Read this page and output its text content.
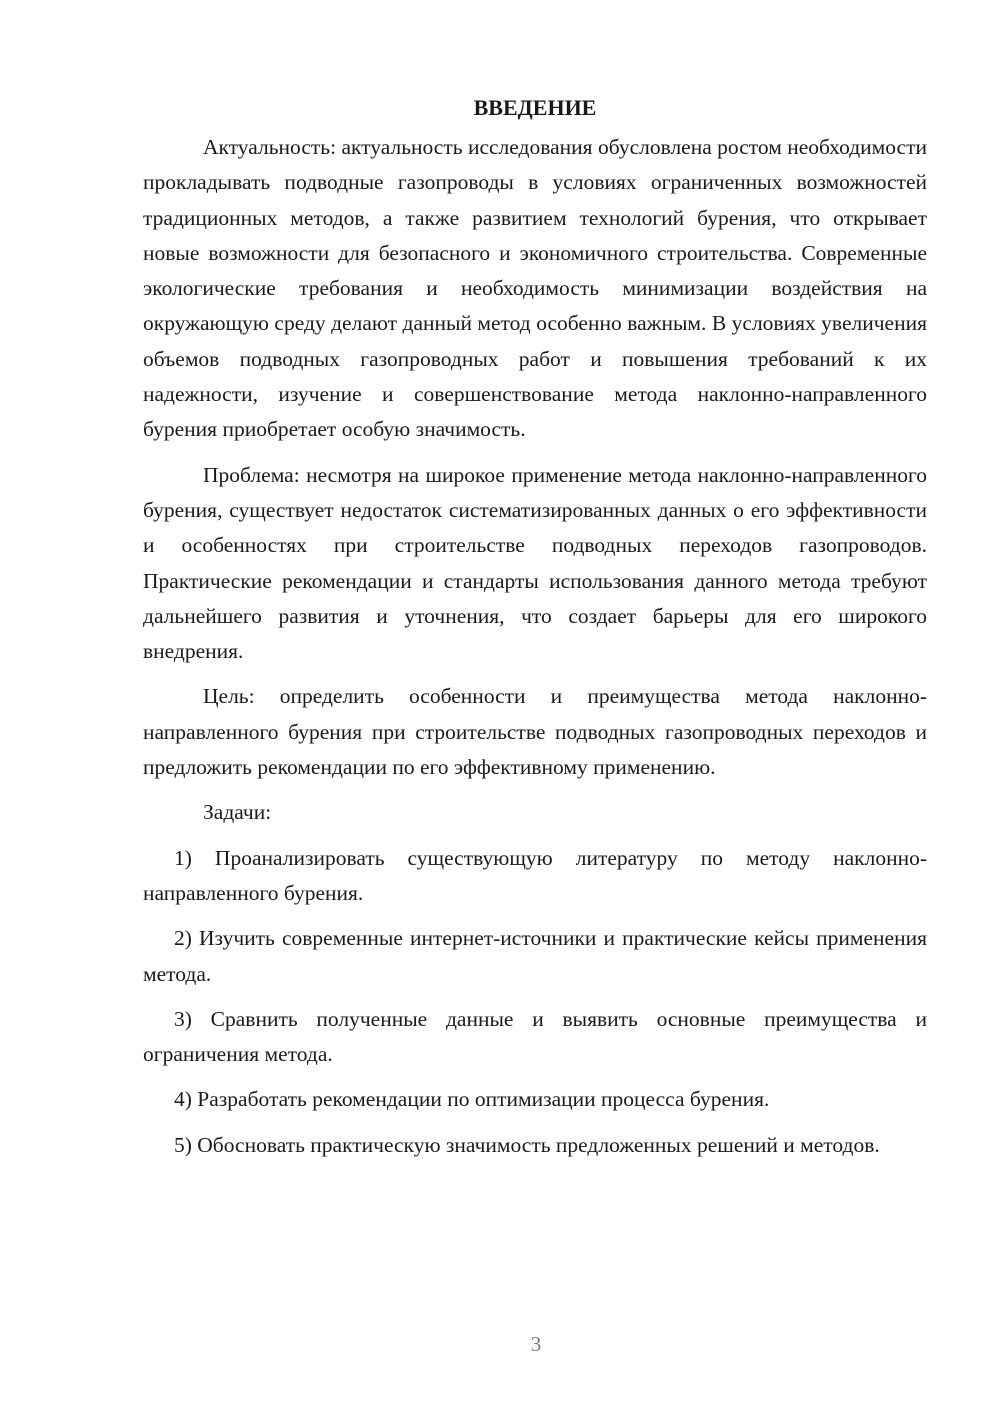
ВВЕДЕНИЕ

Актуальность: актуальность исследования обусловлена ростом необходимости прокладывать подводные газопроводы в условиях ограниченных возможностей традиционных методов, а также развитием технологий бурения, что открывает новые возможности для безопасного и экономичного строительства. Современные экологические требования и необходимость минимизации воздействия на окружающую среду делают данный метод особенно важным. В условиях увеличения объемов подводных газопроводных работ и повышения требований к их надежности, изучение и совершенствование метода наклонно-направленного бурения приобретает особую значимость.

Проблема: несмотря на широкое применение метода наклонно-направленного бурения, существует недостаток систематизированных данных о его эффективности и особенностях при строительстве подводных переходов газопроводов. Практические рекомендации и стандарты использования данного метода требуют дальнейшего развития и уточнения, что создает барьеры для его широкого внедрения.

Цель: определить особенности и преимущества метода наклонно-направленного бурения при строительстве подводных газопроводных переходов и предложить рекомендации по его эффективному применению.

Задачи:

1) Проанализировать существующую литературу по методу наклонно-направленного бурения.

2) Изучить современные интернет-источники и практические кейсы применения метода.

3) Сравнить полученные данные и выявить основные преимущества и ограничения метода.

4) Разработать рекомендации по оптимизации процесса бурения.

5) Обосновать практическую значимость предложенных решений и методов.

3
